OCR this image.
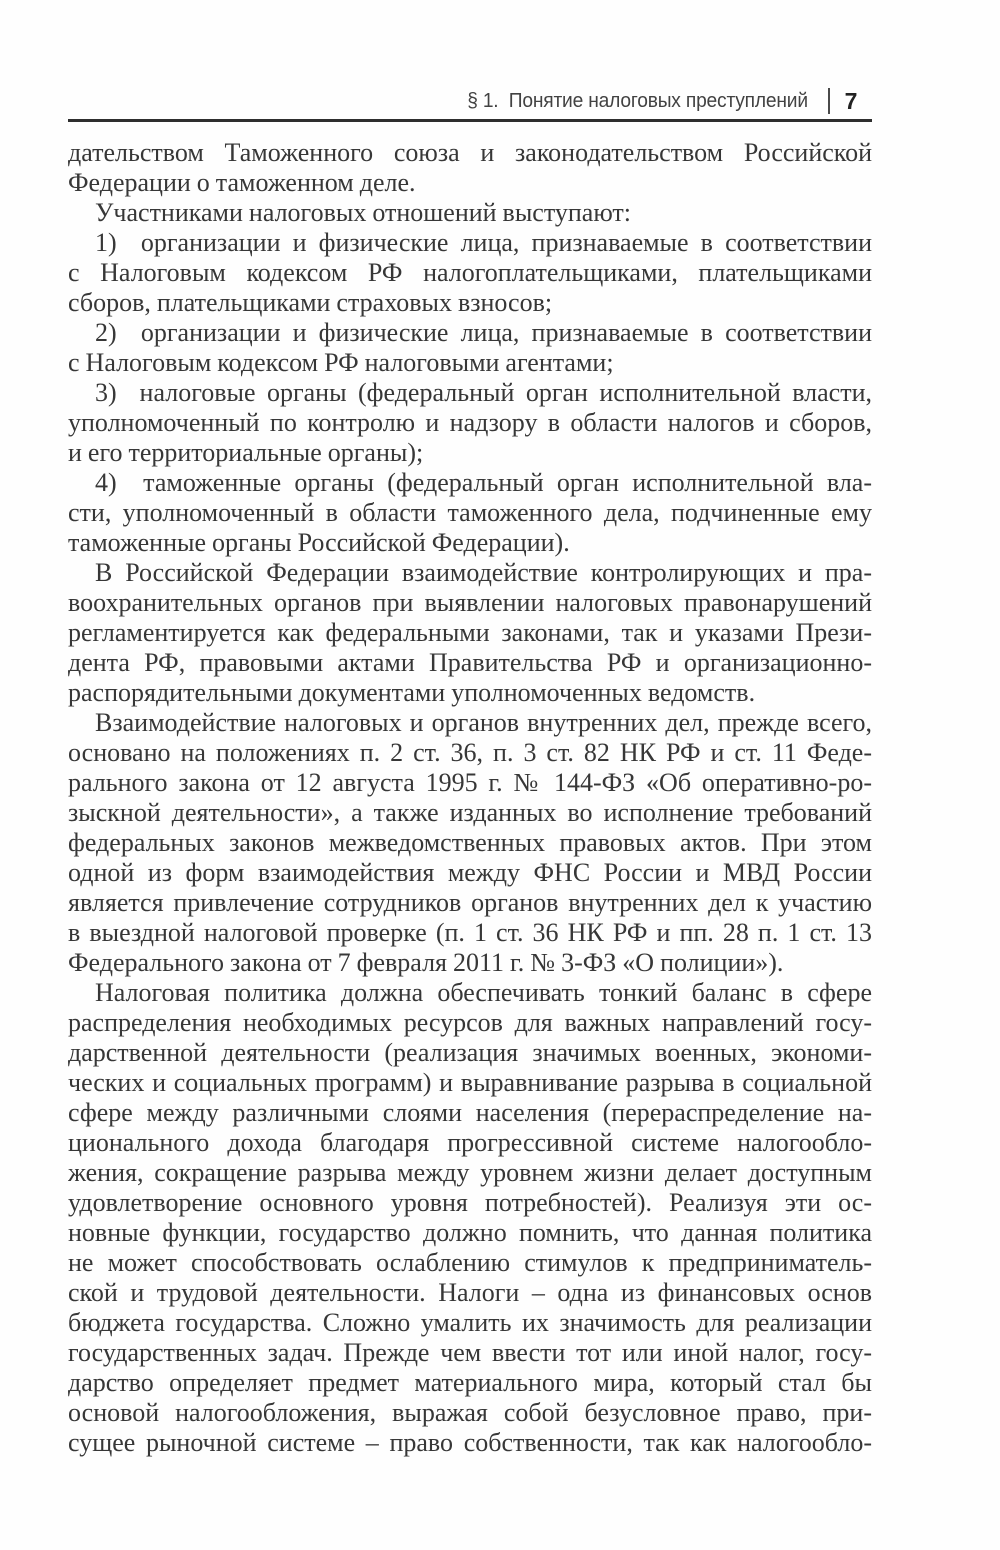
§ 1.  Понятие налоговых преступлений	7
дательством Таможенного союза и законодательством Российской
Федерации о таможенном деле.
Участниками налоговых отношений выступают:
1)  организации и физические лица, признаваемые в соответствии
с Налоговым кодексом РФ налогоплательщиками, плательщиками
сборов, плательщиками страховых взносов;
2)  организации и физические лица, признаваемые в соответствии
с Налоговым кодексом РФ налоговыми агентами;
3)  налоговые органы (федеральный орган исполнительной власти,
уполномоченный по контролю и надзору в области налогов и сборов,
и его территориальные органы);
4)  таможенные органы (федеральный орган исполнительной вла-
сти, уполномоченный в области таможенного дела, подчиненные ему
таможенные органы Российской Федерации).
В Российской Федерации взаимодействие контролирующих и пра-
воохранительных органов при выявлении налоговых правонарушений
регламентируется как федеральными законами, так и указами Прези-
дента РФ, правовыми актами Правительства РФ и организационно-
распорядительными документами уполномоченных ведомств.
Взаимодействие налоговых и органов внутренних дел, прежде всего,
основано на положениях п. 2 ст. 36, п. 3 ст. 82 НК РФ и ст. 11 Феде-
рального закона от 12 августа 1995 г. № 144-ФЗ «Об оперативно-ро-
зыскной деятельности», а также изданных во исполнение требований
федеральных законов межведомственных правовых актов. При этом
одной из форм взаимодействия между ФНС России и МВД России
является привлечение сотрудников органов внутренних дел к участию
в выездной налоговой проверке (п. 1 ст. 36 НК РФ и пп. 28 п. 1 ст. 13
Федерального закона от 7 февраля 2011 г. № 3-ФЗ «О полиции»).
Налоговая политика должна обеспечивать тонкий баланс в сфере
распределения необходимых ресурсов для важных направлений госу-
дарственной деятельности (реализация значимых военных, экономи-
ческих и социальных программ) и выравнивание разрыва в социальной
сфере между различными слоями населения (перераспределение на-
ционального дохода благодаря прогрессивной системе налогообло-
жения, сокращение разрыва между уровнем жизни делает доступным
удовлетворение основного уровня потребностей). Реализуя эти ос-
новные функции, государство должно помнить, что данная политика
не может способствовать ослаблению стимулов к предприниматель-
ской и трудовой деятельности. Налоги – одна из финансовых основ
бюджета государства. Сложно умалить их значимость для реализации
государственных задач. Прежде чем ввести тот или иной налог, госу-
дарство определяет предмет материального мира, который стал бы
основой налогообложения, выражая собой безусловное право, при-
сущее рыночной системе – право собственности, так как налогообло-
